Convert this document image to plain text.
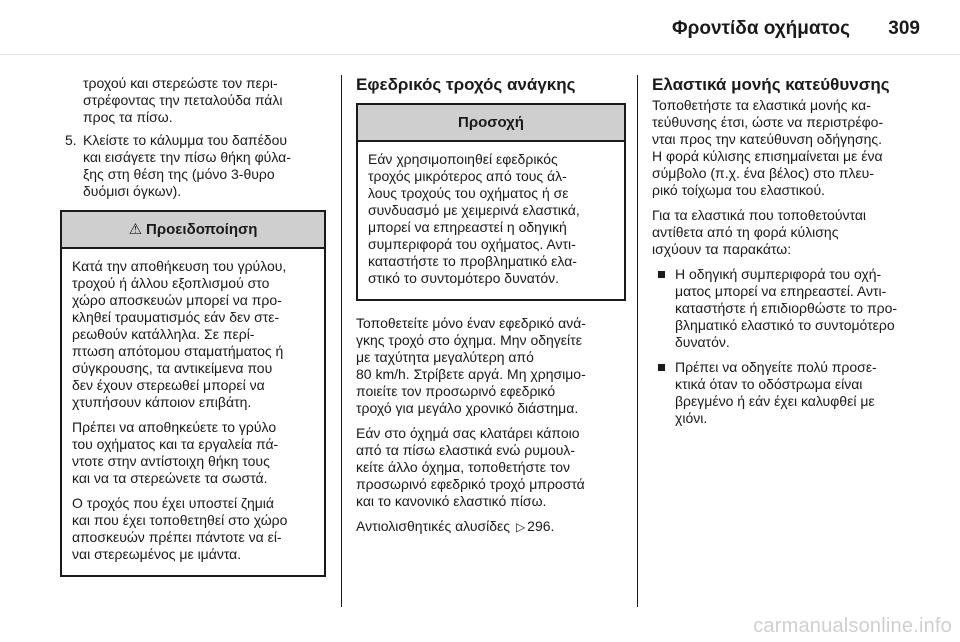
Φροντίδα οχήματος 309
τροχού και στερεώστε τον περι-
στρέφοντας την πεταλούδα πάλι
προς τα πίσω.
5. Κλείστε το κάλυμμα του δαπέδου
και εισάγετε την πίσω θήκη φύλα-
ξης στη θέση της (μόνο 3-θυρο
δυόμισι όγκων).
⚠ Προειδοποίηση

Κατά την αποθήκευση του γρύλου,
τροχού ή άλλου εξοπλισμού στο
χώρο αποσκευών μπορεί να προ-
κληθεί τραυματισμός εάν δεν στε-
ρεωθούν κατάλληλα. Σε περί-
πτωση απότομου σταματήματος ή
σύγκρουσης, τα αντικείμενα που
δεν έχουν στερεωθεί μπορεί να
χτυπήσουν κάποιον επιβάτη.

Πρέπει να αποθηκεύετε το γρύλο
του οχήματος και τα εργαλεία πά-
ντοτε στην αντίστοιχη θήκη τους
και να τα στερεώνετε τα σωστά.

Ο τροχός που έχει υποστεί ζημιά
και που έχει τοποθετηθεί στο χώρο
αποσκευών πρέπει πάντοτε να εί-
ναι στερεωμένος με ιμάντα.

Εφεδρικός τροχός ανάγκης
Προσοχή

Εάν χρησιμοποιηθεί εφεδρικός
τροχός μικρότερος από τους άλ-
λους τροχούς του οχήματος ή σε
συνδυασμό με χειμερινά ελαστικά,
μπορεί να επηρεαστεί η οδηγική
συμπεριφορά του οχήματος. Αντι-
καταστήστε το προβληματικό ελα-
στικό το συντομότερο δυνατόν.

Τοποθετείτε μόνο έναν εφεδρικό ανά-
γκης τροχό στο όχημα. Μην οδηγείτε
με ταχύτητα μεγαλύτερη από
80 km/h. Στρίβετε αργά. Μη χρησιμο-
ποιείτε τον προσωρινό εφεδρικό
τροχό για μεγάλο χρονικό διάστημα.

Εάν στο όχημά σας κλατάρει κάποιο
από τα πίσω ελαστικά ενώ ρυμουλ-
κείτε άλλο όχημα, τοποθετήστε τον
προσωρινό εφεδρικό τροχό μπροστά
και το κανονικό ελαστικό πίσω.

Αντιολισθητικές αλυσίδες ▷ 296.

Ελαστικά μονής κατεύθυνσης

Τοποθετήστε τα ελαστικά μονής κα-
τεύθυνσης έτσι, ώστε να περιστρέφο-
νται προς την κατεύθυνση οδήγησης.
Η φορά κύλισης επισημαίνεται με ένα
σύμβολο (π.χ. ένα βέλος) στο πλευ-
ρικό τοίχωμα του ελαστικού.

Για τα ελαστικά που τοποθετούνται
αντίθετα από τη φορά κύλισης
ισχύουν τα παρακάτω:

Η οδηγική συμπεριφορά του οχή-
ματος μπορεί να επηρεαστεί. Αντι-
καταστήστε ή επιδιορθώστε το προ-
βληματικό ελαστικό το συντομότερο
δυνατόν.
Πρέπει να οδηγείτε πολύ προσε-
κτικά όταν το οδόστρωμα είναι
βρεγμένο ή εάν έχει καλυφθεί με
χιόνι.
carmanualsonline.info
